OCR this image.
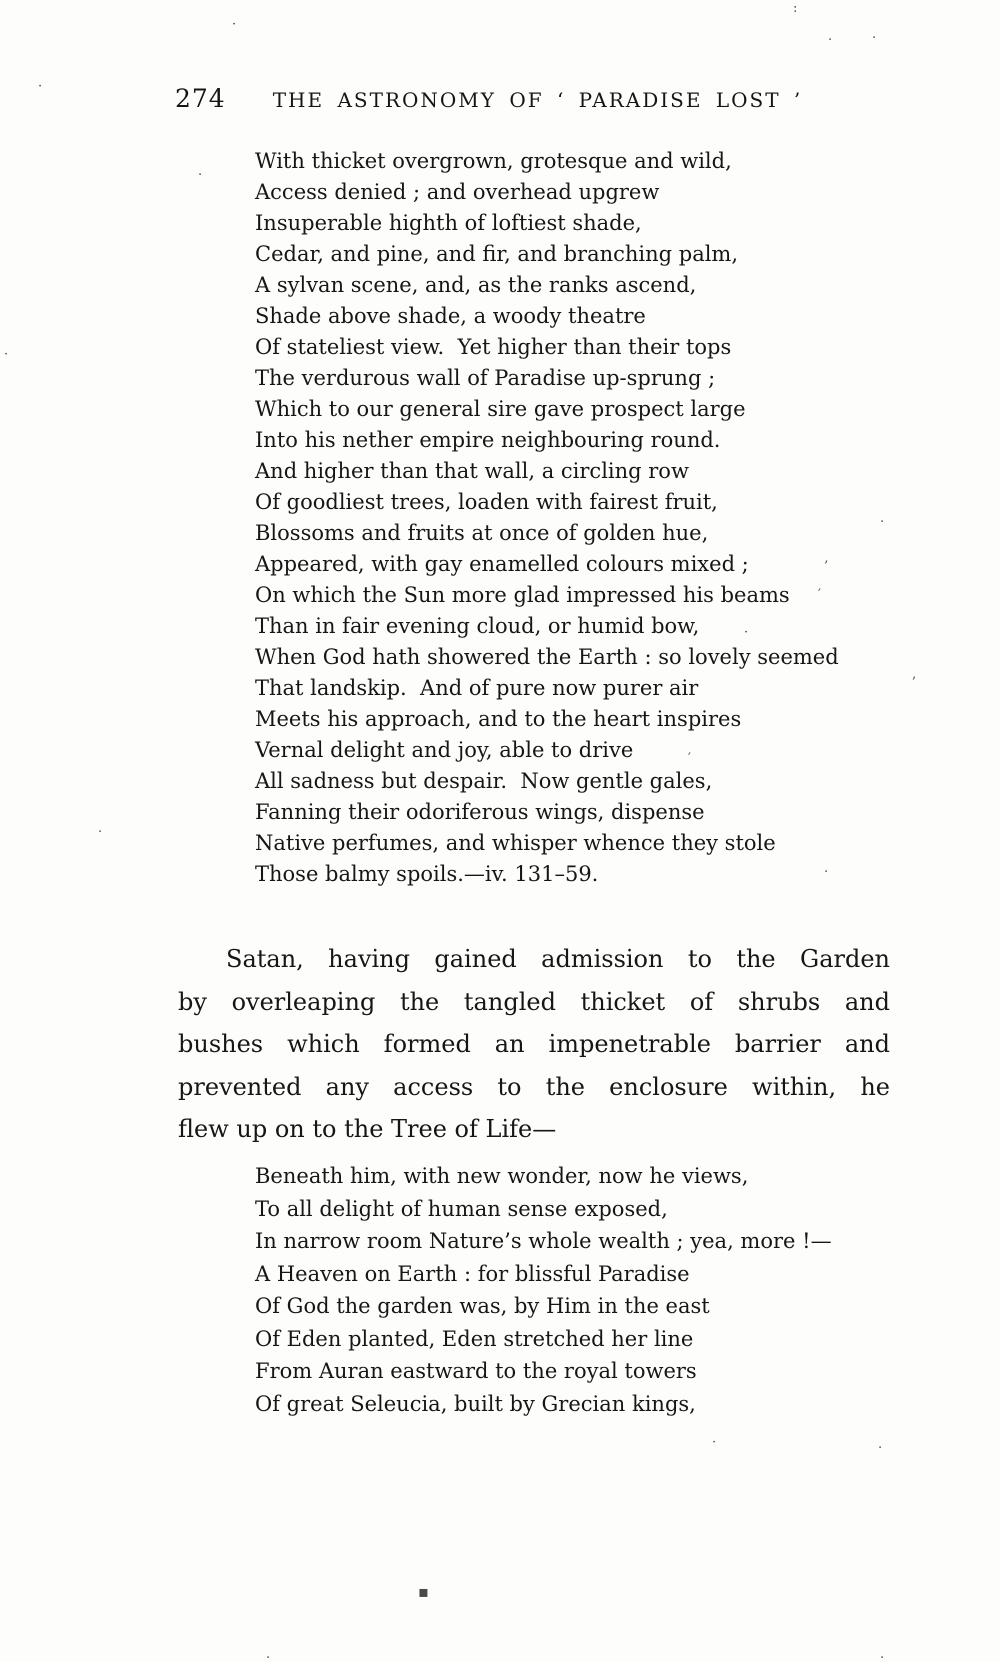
274 THE ASTRONOMY OF ‘ PARADISE LOST ’
With thicket overgrown, grotesque and wild,
Access denied ; and overhead upgrew
Insuperable highth of loftiest shade,
Cedar, and pine, and fir, and branching palm,
A sylvan scene, and, as the ranks ascend,
Shade above shade, a woody theatre
Of stateliest view.  Yet higher than their tops
The verdurous wall of Paradise up-sprung ;
Which to our general sire gave prospect large
Into his nether empire neighbouring round.
And higher than that wall, a circling row
Of goodliest trees, loaden with fairest fruit,
Blossoms and fruits at once of golden hue,
Appeared, with gay enamelled colours mixed ;
On which the Sun more glad impressed his beams
Than in fair evening cloud, or humid bow,
When God hath showered the Earth : so lovely seemed
That landskip.  And of pure now purer air
Meets his approach, and to the heart inspires
Vernal delight and joy, able to drive
All sadness but despair.  Now gentle gales,
Fanning their odoriferous wings, dispense
Native perfumes, and whisper whence they stole
Those balmy spoils.—iv. 131–59.
Satan, having gained admission to the Garden
by overleaping the tangled thicket of shrubs and
bushes which formed an impenetrable barrier and
prevented any access to the enclosure within, he
flew up on to the Tree of Life—
Beneath him, with new wonder, now he views,
To all delight of human sense exposed,
In narrow room Nature’s whole wealth ; yea, more !—
A Heaven on Earth : for blissful Paradise
Of God the garden was, by Him in the east
Of Eden planted, Eden stretched her line
From Auran eastward to the royal towers
Of great Seleucia, built by Grecian kings,
:
.	.
·
·
.
·
.
’
′
·
‚
′
.
.
·	.
▪
.	.
